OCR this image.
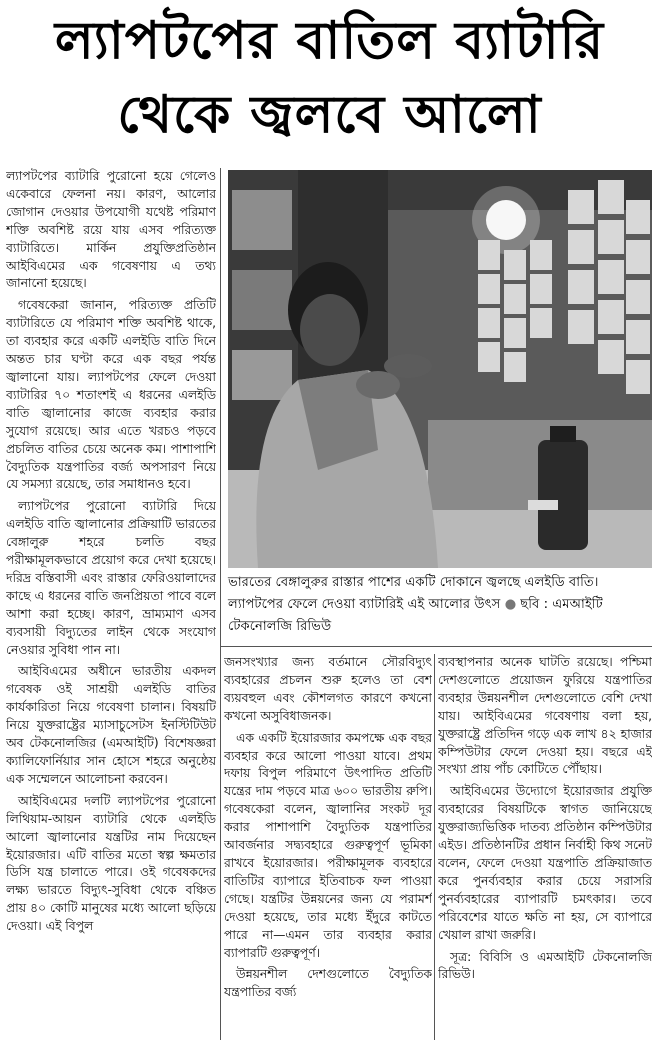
ল্যাপটপের বাতিল ব্যাটারি
থেকে জ্বলবে আলো

ল্যাপটপের ব্যাটারি পুরোনো হয়ে গেলেও একেবারে ফেলনা নয়। কারণ, আলোর জোগান দেওয়ার উপযোগী যথেষ্ট পরিমাণ শক্তি অবশিষ্ট রয়ে যায় এসব পরিত্যক্ত ব্যাটারিতে। মার্কিন প্রযুক্তিপ্রতিষ্ঠান আইবিএমের এক গবেষণায় এ তথ্য জানানো হয়েছে।

গবেষকেরা জানান, পরিত্যক্ত প্রতিটি ব্যাটারিতে যে পরিমাণ শক্তি অবশিষ্ট থাকে, তা ব্যবহার করে একটি এলইডি বাতি দিনে অন্তত চার ঘণ্টা করে এক বছর পর্যন্ত জ্বালানো যায়। ল্যাপটপের ফেলে দেওয়া ব্যাটারির ৭০ শতাংশই এ ধরনের এলইডি বাতি জ্বালানোর কাজে ব্যবহার করার সুযোগ রয়েছে। আর এতে খরচও পড়বে প্রচলিত বাতির চেয়ে অনেক কম। পাশাপাশি বৈদ্যুতিক যন্ত্রপাতির বর্জ্য অপসারণ নিয়ে যে সমস্যা রয়েছে, তার সমাধানও হবে।

ল্যাপটপের পুরোনো ব্যাটারি দিয়ে এলইডি বাতি জ্বালানোর প্রক্রিয়াটি ভারতের বেঙ্গালুরু শহরে চলতি বছর পরীক্ষামূলকভাবে প্রয়োগ করে দেখা হয়েছে। দরিদ্র বস্তিবাসী এবং রাস্তার ফেরিওয়ালাদের কাছে এ ধরনের বাতি জনপ্রিয়তা পাবে বলে আশা করা হচ্ছে। কারণ, ভ্রাম্যমাণ এসব ব্যবসায়ী বিদ্যুতের লাইন থেকে সংযোগ নেওয়ার সুবিধা পান না।

আইবিএমের অধীনে ভারতীয় একদল গবেষক ওই সাশ্রয়ী এলইডি বাতির কার্যকারিতা নিয়ে গবেষণা চালান। বিষয়টি নিয়ে যুক্তরাষ্ট্রের ম্যাসাচুসেটস ইনস্টিটিউট অব টেকনোলজির (এমআইটি) বিশেষজ্ঞরা ক্যালিফোর্নিয়ার সান হোসে শহরে অনুষ্ঠেয় এক সম্মেলনে আলোচনা করবেন।

আইবিএমের দলটি ল্যাপটপের পুরোনো লিথিয়াম-আয়ন ব্যাটারি থেকে এলইডি আলো জ্বালানোর যন্ত্রটির নাম দিয়েছেন ইয়োরজার। এটি বাতির মতো স্বল্প ক্ষমতার ডিসি যন্ত্র চালাতে পারে। ওই গবেষকদের লক্ষ্য ভারতে বিদ্যুৎ-সুবিধা থেকে বঞ্চিত প্রায় ৪০ কোটি মানুষের মধ্যে আলো ছড়িয়ে দেওয়া। এই বিপুল

ভারতের বেঙ্গালুরুর রাস্তার পাশের একটি দোকানে জ্বলছে এলইডি বাতি। ল্যাপটপের ফেলে দেওয়া ব্যাটারিই এই আলোর উৎস ● ছবি : এমআইটি টেকনোলজি রিভিউ

জনসংখ্যার জন্য বর্তমানে সৌরবিদ্যুৎ ব্যবহারের প্রচলন শুরু হলেও তা বেশ ব্যয়বহুল এবং কৌশলগত কারণে কখনো কখনো অসুবিধাজনক।

এক একটি ইয়োরজার কমপক্ষে এক বছর ব্যবহার করে আলো পাওয়া যাবে। প্রথম দফায় বিপুল পরিমাণে উৎপাদিত প্রতিটি যন্ত্রের দাম পড়বে মাত্র ৬০০ ভারতীয় রুপি। গবেষকেরা বলেন, জ্বালানির সংকট দূর করার পাশাপাশি বৈদ্যুতিক যন্ত্রপাতির আবর্জনার সদ্ব্যবহারে গুরুত্বপূর্ণ ভূমিকা রাখবে ইয়োরজার। পরীক্ষামূলক ব্যবহারে বাতিটির ব্যাপারে ইতিবাচক ফল পাওয়া গেছে। যন্ত্রটির উন্নয়নের জন্য যে পরামর্শ দেওয়া হয়েছে, তার মধ্যে ইঁদুরে কাটতে পারে না—এমন তার ব্যবহার করার ব্যাপারটি গুরুত্বপূর্ণ।

উন্নয়নশীল দেশগুলোতে বৈদ্যুতিক যন্ত্রপাতির বর্জ্য

ব্যবস্থাপনার অনেক ঘাটতি রয়েছে। পশ্চিমা দেশগুলোতে প্রয়োজন ফুরিয়ে যন্ত্রপাতির ব্যবহার উন্নয়নশীল দেশগুলোতে বেশি দেখা যায়। আইবিএমের গবেষণায় বলা হয়, যুক্তরাষ্ট্রে প্রতিদিন গড়ে এক লাখ ৪২ হাজার কম্পিউটার ফেলে দেওয়া হয়। বছরে এই সংখ্যা প্রায় পাঁচ কোটিতে পৌঁছায়।

আইবিএমের উদ্যোগে ইয়োরজার প্রযুক্তি ব্যবহারের বিষয়টিকে স্বাগত জানিয়েছে যুক্তরাজ্যভিত্তিক দাতব্য প্রতিষ্ঠান কম্পিউটার এইড। প্রতিষ্ঠানটির প্রধান নির্বাহী কিথ সনেট বলেন, ফেলে দেওয়া যন্ত্রপাতি প্রক্রিয়াজাত করে পুনর্ব্যবহার করার চেয়ে সরাসরি পুনর্ব্যবহারের ব্যাপারটি চমৎকার। তবে পরিবেশের যাতে ক্ষতি না হয়, সে ব্যাপারে খেয়াল রাখা জরুরি।

সূত্র: বিবিসি ও এমআইটি টেকনোলজি রিভিউ।
